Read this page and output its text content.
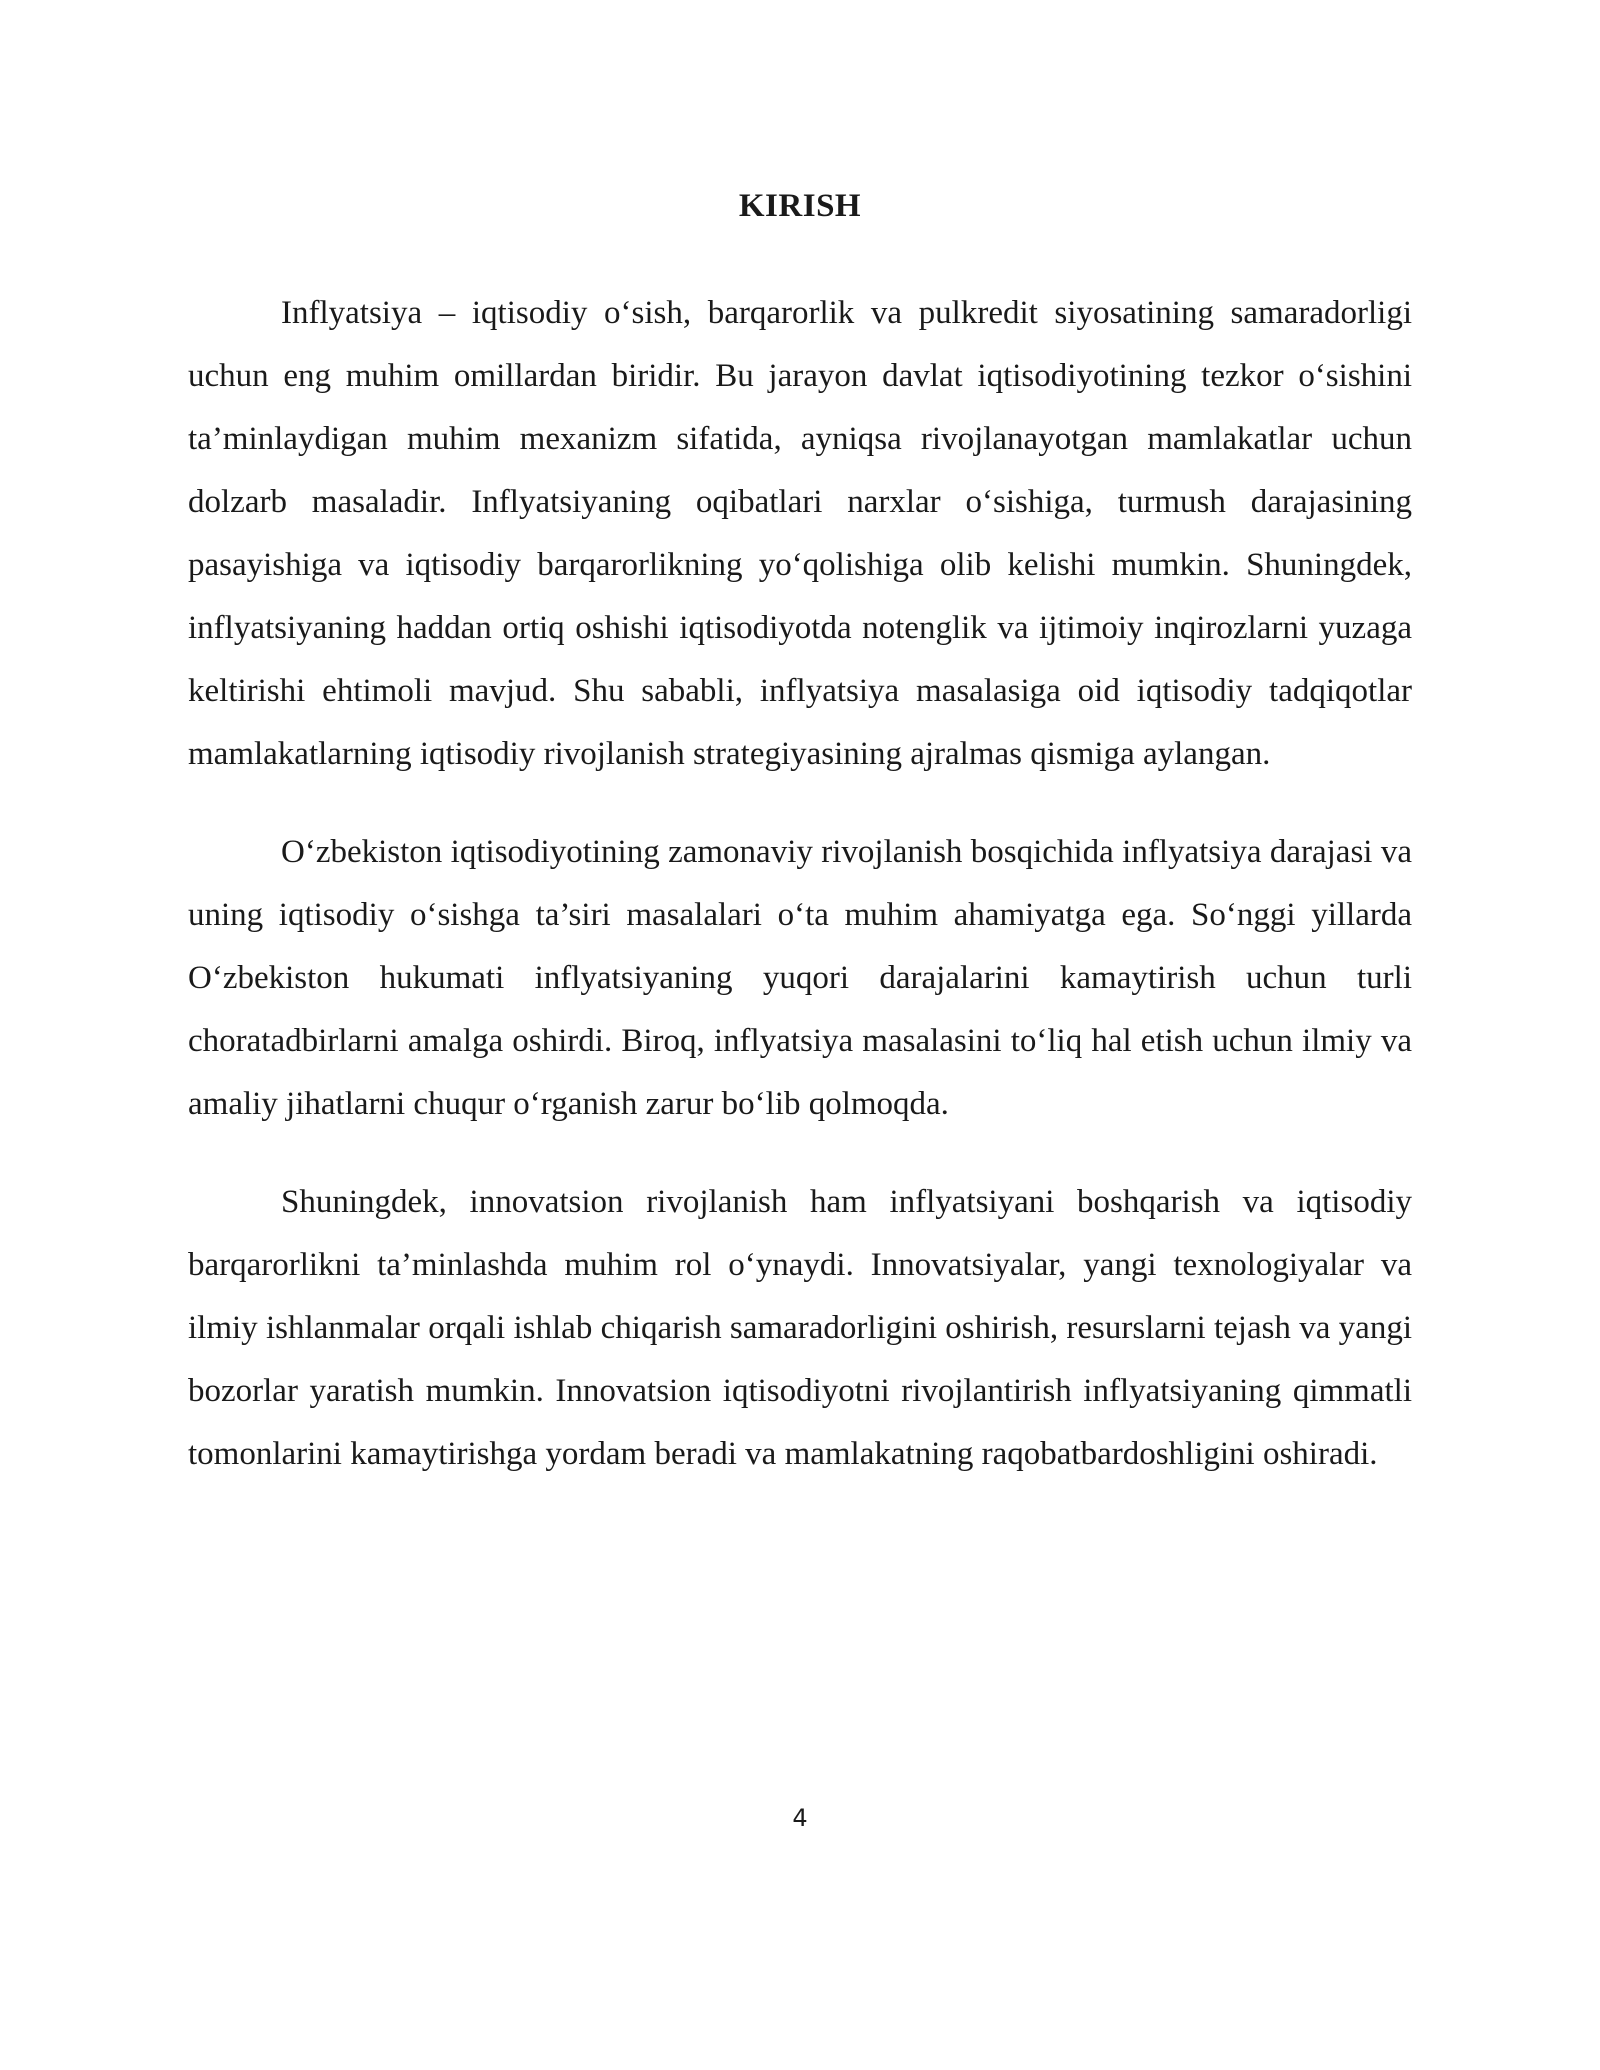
KIRISH

Inflyatsiya – iqtisodiy o‘sish, barqarorlik va pulkredit siyosatining samaradorligi uchun eng muhim omillardan biridir. Bu jarayon davlat iqtisodiyotining tezkor o‘sishini ta’minlaydigan muhim mexanizm sifatida, ayniqsa rivojlanayotgan mamlakatlar uchun dolzarb masaladir. Inflyatsiyaning oqibatlari narxlar o‘sishiga, turmush darajasining pasayishiga va iqtisodiy barqarorlikning yo‘qolishiga olib kelishi mumkin. Shuningdek, inflyatsiyaning haddan ortiq oshishi iqtisodiyotda notenglik va ijtimoiy inqirozlarni yuzaga keltirishi ehtimoli mavjud. Shu sababli, inflyatsiya masalasiga oid iqtisodiy tadqiqotlar mamlakatlarning iqtisodiy rivojlanish strategiyasining ajralmas qismiga aylangan.

O‘zbekiston iqtisodiyotining zamonaviy rivojlanish bosqichida inflyatsiya darajasi va uning iqtisodiy o‘sishga ta’siri masalalari o‘ta muhim ahamiyatga ega. So‘nggi yillarda O‘zbekiston hukumati inflyatsiyaning yuqori darajalarini kamaytirish uchun turli choratadbirlarni amalga oshirdi. Biroq, inflyatsiya masalasini to‘liq hal etish uchun ilmiy va amaliy jihatlarni chuqur o‘rganish zarur bo‘lib qolmoqda.

Shuningdek, innovatsion rivojlanish ham inflyatsiyani boshqarish va iqtisodiy barqarorlikni ta’minlashda muhim rol o‘ynaydi. Innovatsiyalar, yangi texnologiyalar va ilmiy ishlanmalar orqali ishlab chiqarish samaradorligini oshirish, resurslarni tejash va yangi bozorlar yaratish mumkin. Innovatsion iqtisodiyotni rivojlantirish inflyatsiyaning qimmatli tomonlarini kamaytirishga yordam beradi va mamlakatning raqobatbardoshligini oshiradi.

4
